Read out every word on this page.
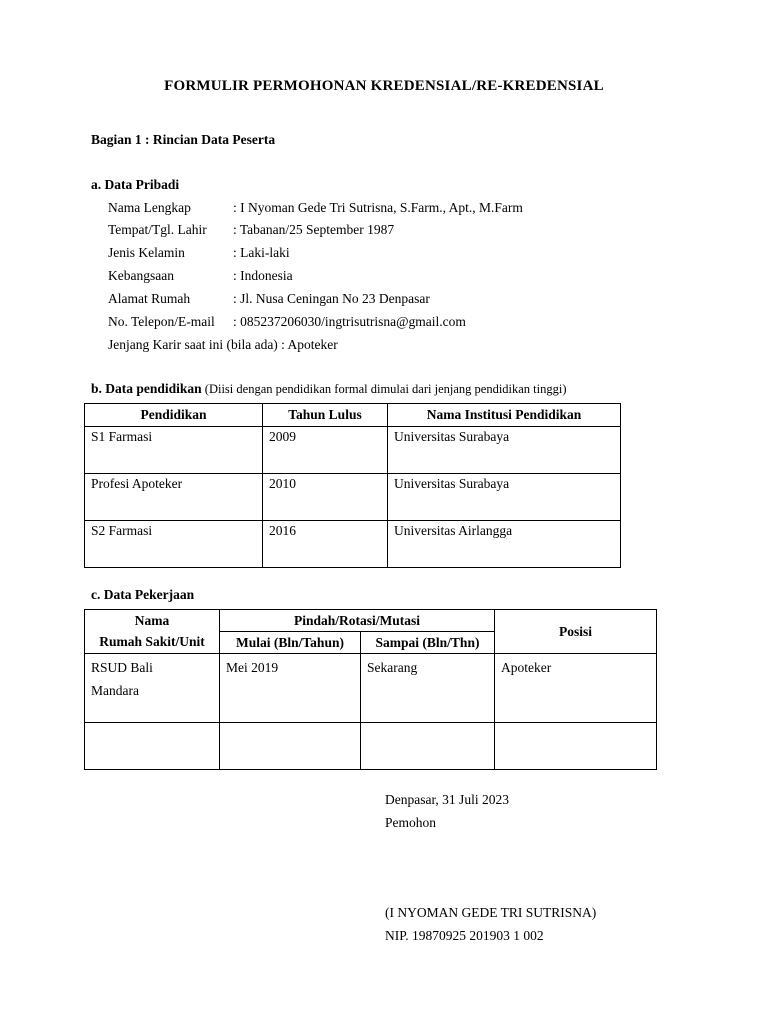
FORMULIR PERMOHONAN KREDENSIAL/RE-KREDENSIAL
Bagian 1 : Rincian Data Peserta
a. Data Pribadi
Nama Lengkap	: I Nyoman Gede Tri Sutrisna, S.Farm., Apt., M.Farm
Tempat/Tgl. Lahir : Tabanan/25 September 1987
Jenis Kelamin	: Laki-laki
Kebangsaan	: Indonesia
Alamat Rumah	: Jl. Nusa Ceningan No 23 Denpasar
No. Telepon/E-mail : 085237206030/ingtrisutrisna@gmail.com
Jenjang Karir saat ini (bila ada) : Apoteker
b. Data pendidikan (Diisi dengan pendidikan formal dimulai dari jenjang pendidikan tinggi)
Pendidikan	Tahun Lulus	Nama Institusi Pendidikan
S1 Farmasi	2009	Universitas Surabaya
Profesi Apoteker	2010	Universitas Surabaya
S2 Farmasi	2016	Universitas Airlangga
c. Data Pekerjaan
Nama	Pindah/Rotasi/Mutasi		Posisi
Rumah Sakit/Unit	Mulai (Bln/Tahun)	Sampai (Bln/Thn)	

RSUD Bali
Mandara	Mei 2019	Sekarang	Apoteker

Denpasar, 31 Juli 2023
Pemohon
(I NYOMAN GEDE TRI SUTRISNA)
NIP. 19870925 201903 1 002
